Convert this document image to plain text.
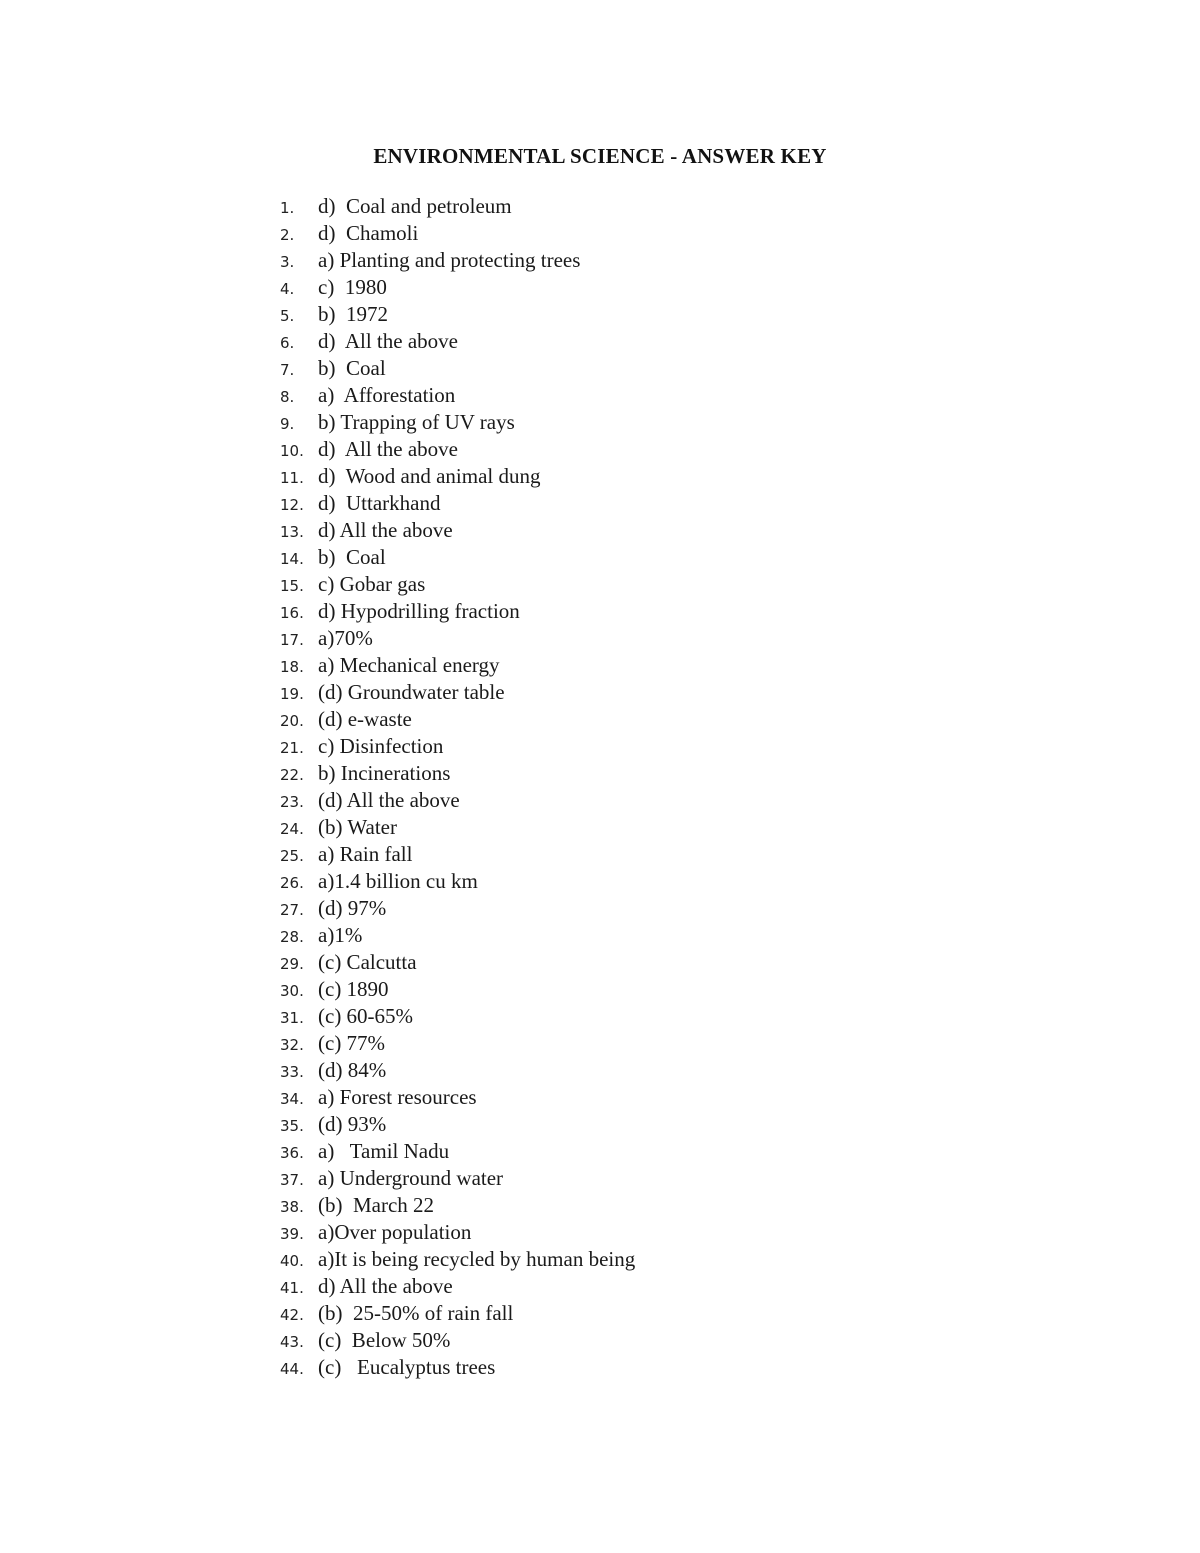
ENVIRONMENTAL SCIENCE - ANSWER KEY
1.	d)  Coal and petroleum
2.	d)  Chamoli
3.	a) Planting and protecting trees
4.	c)  1980
5.	b)  1972
6.	d)  All the above
7.	b)  Coal
8.	a)  Afforestation
9.	b) Trapping of UV rays
10. d)  All the above
11. d)  Wood and animal dung
12. d)  Uttarkhand
13. d) All the above
14. b)  Coal
15. c) Gobar gas
16. d) Hypodrilling fraction
17. a)70%
18. a) Mechanical energy
19. (d) Groundwater table
20. (d) e-waste
21. c) Disinfection
22. b) Incinerations
23. (d) All the above
24. (b) Water
25. a) Rain fall
26. a)1.4 billion cu km
27. (d) 97%
28. a)1%
29. (c) Calcutta
30. (c) 1890
31. (c) 60-65%
32. (c) 77%
33. (d) 84%
34. a) Forest resources
35. (d) 93%
36. a)   Tamil Nadu
37. a) Underground water
38. (b)  March 22
39. a)Over population
40. a)It is being recycled by human being
41. d) All the above
42. (b)  25-50% of rain fall
43. (c)  Below 50%
44. (c)   Eucalyptus trees
